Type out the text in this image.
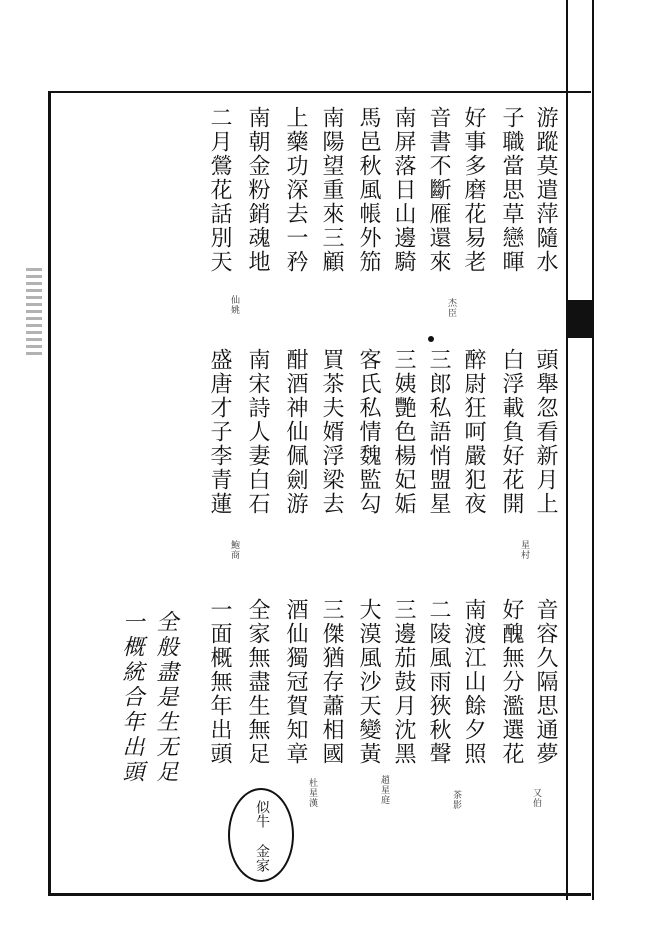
游蹤莫遣萍隨水
子職當思草戀暉
好事多磨花易老
音書不斷雁還來
南屏落日山邊騎
馬邑秋風帳外笳
南陽望重來三顧
上藥功深去一矜
南朝金粉銷魂地
二月鶯花話別天
杰臣
仙姚
頭舉忽看新月上
白浮載負好花開
醉尉狂呵嚴犯夜
三郎私語悄盟星
三姨艷色楊妃姤
客氏私情魏監勾
買茶夫婿浮梁去
酣酒神仙佩劍游
南宋詩人妻白石
盛唐才子李青蓮
星村
鮑商
音容久隔思通夢
好醜無分濫選花
南渡江山餘夕照
二陵風雨狹秋聲
三邊茄鼓月沈黑
大漠風沙天變黃
三傑猶存蕭相國
酒仙獨冠賀知章
全家無盡生無足
一面概無年出頭
又伯
茶影
趙星庭
杜星漢
全般盡是生无足
一概統合年出頭
似牛 金家
